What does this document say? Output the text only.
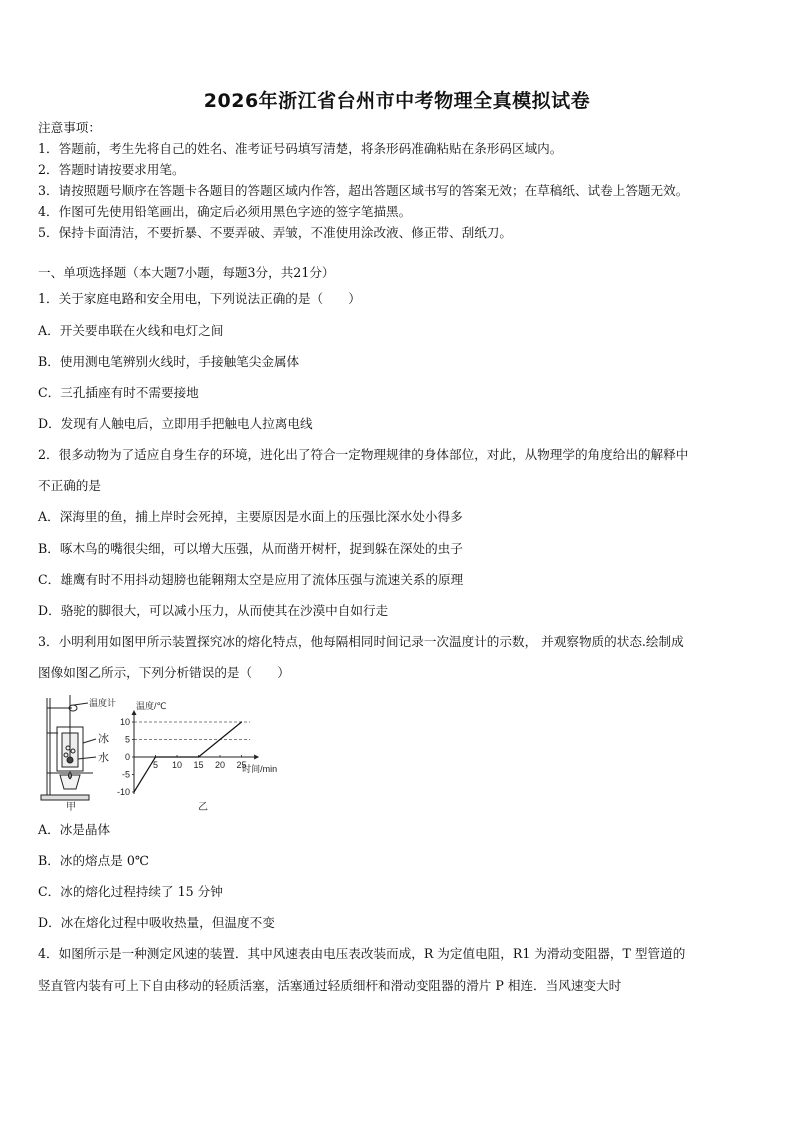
2026年浙江省台州市中考物理全真模拟试卷
注意事项：
1．答题前，考生先将自己的姓名、准考证号码填写清楚，将条形码准确粘贴在条形码区域内。
2．答题时请按要求用笔。
3．请按照题号顺序在答题卡各题目的答题区域内作答，超出答题区域书写的答案无效；在草稿纸、试卷上答题无效。
4．作图可先使用铅笔画出，确定后必须用黑色字迹的签字笔描黑。
5．保持卡面清洁，不要折暴、不要弄破、弄皱，不准使用涂改液、修正带、刮纸刀。
一、单项选择题（本大题7小题，每题3分，共21分）
1．关于家庭电路和安全用电，下列说法正确的是（　　）
A．开关要串联在火线和电灯之间
B．使用测电笔辨别火线时，手接触笔尖金属体
C．三孔插座有时不需要接地
D．发现有人触电后，立即用手把触电人拉离电线
2．很多动物为了适应自身生存的环境，进化出了符合一定物理规律的身体部位，对此，从物理学的角度给出的解释中
不正确的是
A．深海里的鱼，捕上岸时会死掉，主要原因是水面上的压强比深水处小得多
B．啄木鸟的嘴很尖细，可以增大压强，从而凿开树杆，捉到躲在深处的虫子
C．雄鹰有时不用抖动翅膀也能翱翔太空是应用了流体压强与流速关系的原理
D．骆驼的脚很大，可以减小压力，从而使其在沙漠中自如行走
3．小明利用如图甲所示装置探究冰的熔化特点，他每隔相同时间记录一次温度计的示数， 并观察物质的状态.绘制成
图像如图乙所示，下列分析错误的是（　　）
温度计
冰
水
甲
10
5
0
-5
-10
5 10 15 20 25
温度/℃
时间/min
乙
A．冰是晶体
B．冰的熔点是 0℃
C．冰的熔化过程持续了 15 分钟
D．冰在熔化过程中吸收热量，但温度不变
4．如图所示是一种测定风速的装置．其中风速表由电压表改装而成，R 为定值电阻，R1 为滑动变阻器，T 型管道的
竖直管内装有可上下自由移动的轻质活塞，活塞通过轻质细杆和滑动变阻器的滑片 P 相连．当风速变大时
